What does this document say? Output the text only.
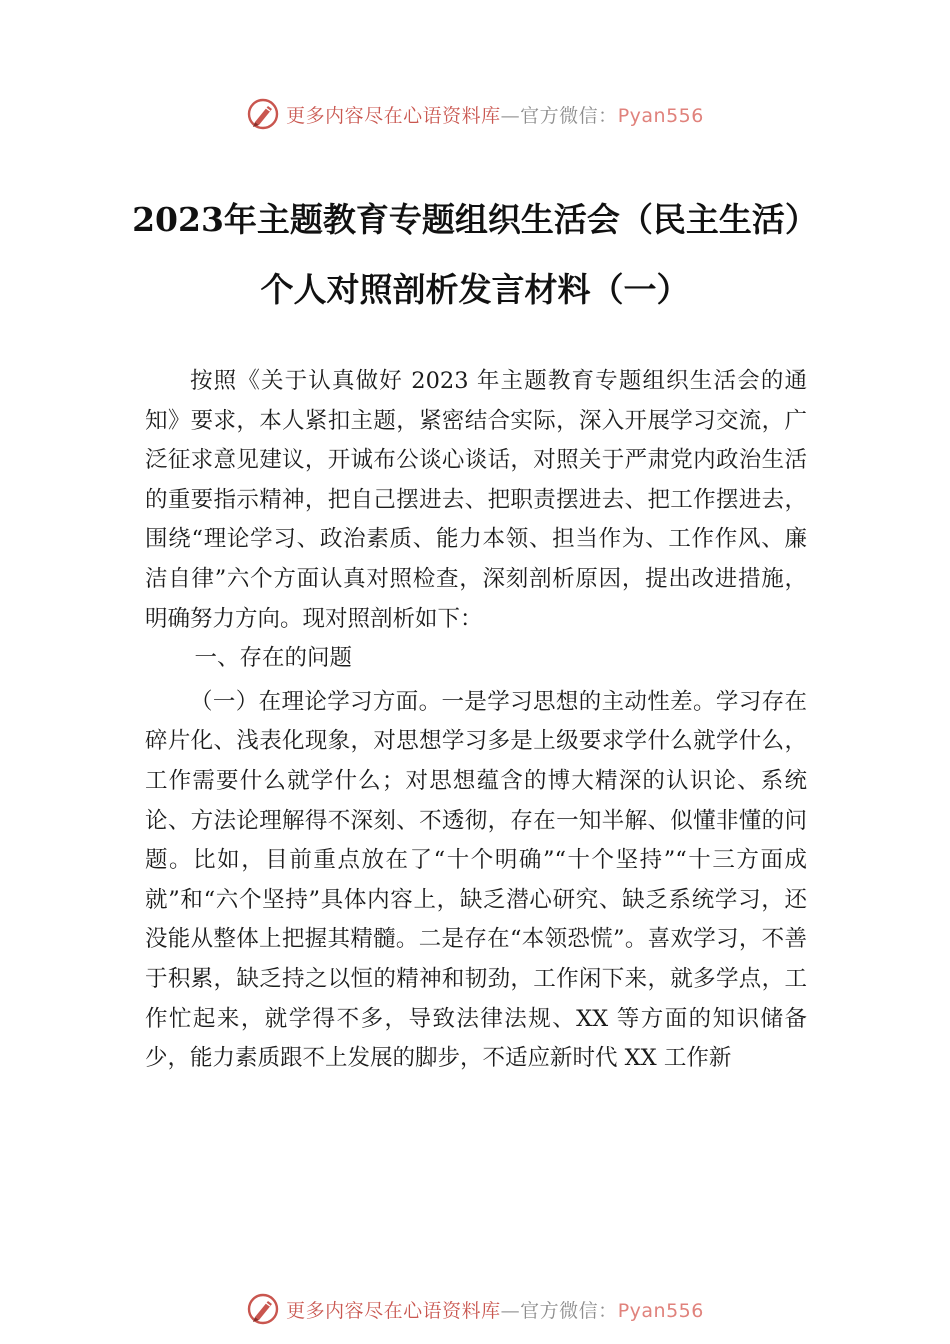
更多内容尽在心语资料库—官方微信：Pyan556
2023年主题教育专题组织生活会（民主生活）个人对照剖析发言材料（一）

按照《关于认真做好 2023 年主题教育专题组织生活会的通知》要求，本人紧扣主题，紧密结合实际，深入开展学习交流，广泛征求意见建议，开诚布公谈心谈话，对照关于严肃党内政治生活的重要指示精神，把自己摆进去、把职责摆进去、把工作摆进去，围绕“理论学习、政治素质、能力本领、担当作为、工作作风、廉洁自律”六个方面认真对照检查，深刻剖析原因，提出改进措施，明确努力方向。现对照剖析如下：

一、存在的问题

（一）在理论学习方面。一是学习思想的主动性差。学习存在碎片化、浅表化现象，对思想学习多是上级要求学什么就学什么，工作需要什么就学什么；对思想蕴含的博大精深的认识论、系统论、方法论理解得不深刻、不透彻，存在一知半解、似懂非懂的问题。比如，目前重点放在了“十个明确”“十个坚持”“十三方面成就”和“六个坚持”具体内容上，缺乏潜心研究、缺乏系统学习，还没能从整体上把握其精髓。二是存在“本领恐慌”。喜欢学习，不善于积累，缺乏持之以恒的精神和韧劲，工作闲下来，就多学点，工作忙起来，就学得不多，导致法律法规、XX 等方面的知识储备少，能力素质跟不上发展的脚步，不适应新时代 XX 工作新

更多内容尽在心语资料库—官方微信：Pyan556
